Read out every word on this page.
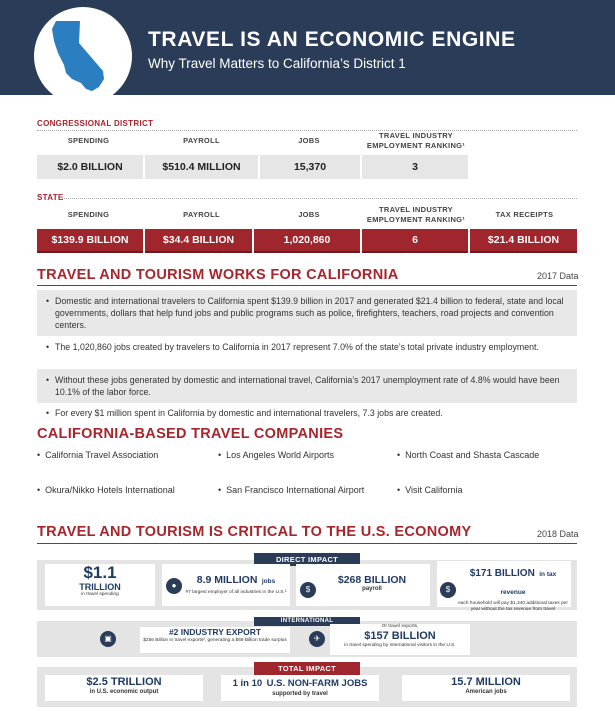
TRAVEL IS AN ECONOMIC ENGINE
Why Travel Matters to California’s District 1
CONGRESSIONAL DISTRICT
SPENDING	PAYROLL	JOBS
TRAVEL INDUSTRY EMPLOYMENT RANKING¹
$2.0 BILLION	$510.4 MILLION	15,370	3
STATE
SPENDING	PAYROLL	JOBS
TRAVEL INDUSTRY EMPLOYMENT RANKING¹
TAX RECEIPTS
$139.9 BILLION	$34.4 BILLION	1,020,860	6	$21.4 BILLION
TRAVEL AND TOURISM WORKS FOR CALIFORNIA	2017 Data
• Domestic and international travelers to California spent $139.9 billion in 2017 and generated $21.4 billion to federal, state and local governments, dollars that help fund jobs and public programs such as police, firefighters, teachers, road projects and convention centers.
• The 1,020,860 jobs created by travelers to California in 2017 represent 7.0% of the state’s total private industry employment.
• Without these jobs generated by domestic and international travel, California’s 2017 unemployment rate of 4.8% would have been 10.1% of the labor force.
• For every $1 million spent in California by domestic and international travelers, 7.3 jobs are created.
CALIFORNIA-BASED TRAVEL COMPANIES
•  California Travel Association	•  Los Angeles World Airports	•  North Coast and Shasta Cascade
•  Okura/Nikko Hotels International	•  San Francisco International Airport	•  Visit California
TRAVEL AND TOURISM IS CRITICAL TO THE U.S. ECONOMY	2018 Data
DIRECT IMPACT
$1.1
TRILLION
in travel spending
●	8.9 MILLION jobs
#7 largest employer of all industries in the U.S.²	$
$268 BILLION
payroll	$
$171 BILLION in tax revenue
each household will pay $1,340 additional taxes per year without the tax revenue from travel
INTERNATIONAL
▣
#2 INDUSTRY EXPORT
$256 Billion in travel exports², generating a $69 Billion trade surplus	✈
Or travel exports,
$157 BILLION
in travel spending by international visitors in the U.S.
TOTAL IMPACT
$2.5 TRILLION
in U.S. economic output
1 in 10 U.S. NON-FARM JOBS
supported by travel
15.7 MILLION
American jobs
